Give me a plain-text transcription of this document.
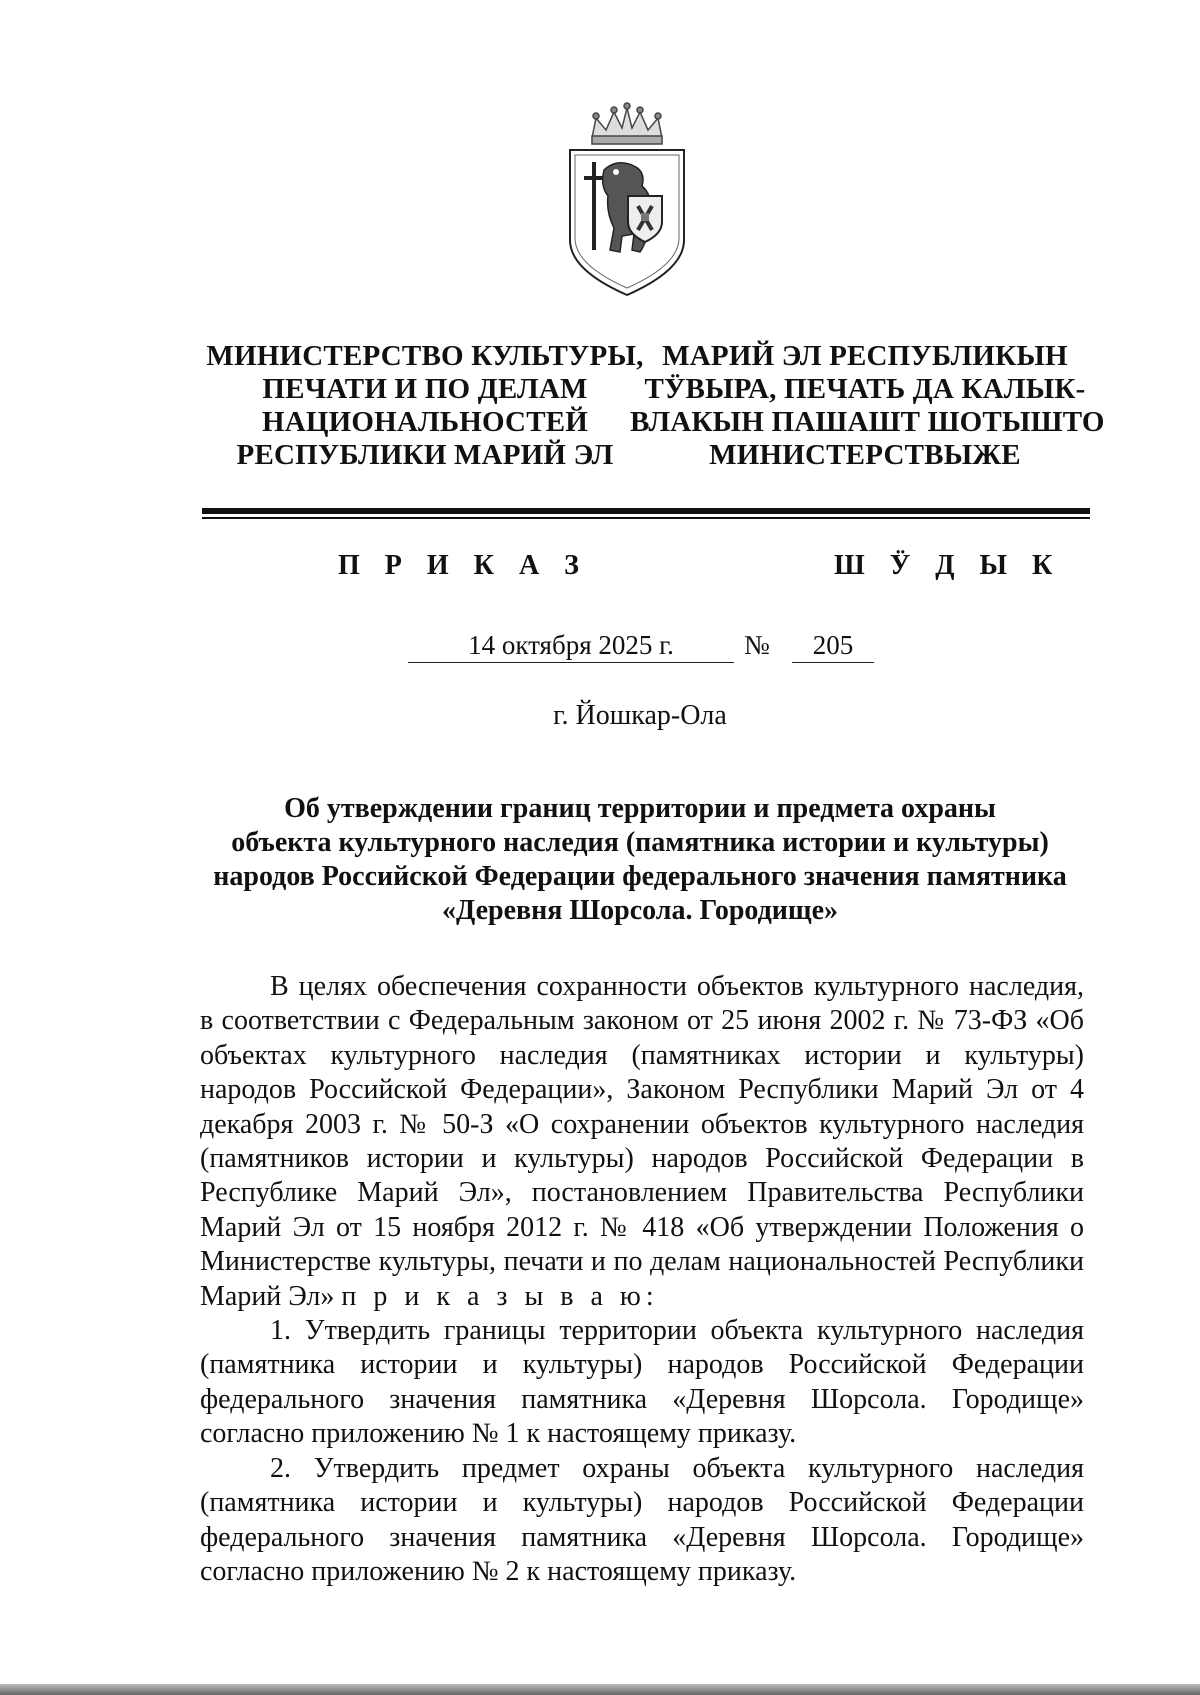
МИНИСТЕРСТВО КУЛЬТУРЫ,
ПЕЧАТИ И ПО ДЕЛАМ
НАЦИОНАЛЬНОСТЕЙ
РЕСПУБЛИКИ МАРИЙ ЭЛ
МАРИЙ ЭЛ РЕСПУБЛИКЫН
ТӰВЫРА, ПЕЧАТЬ ДА КАЛЫК-
ВЛАКЫН ПАШАШТ ШОТЫШТО
МИНИСТЕРСТВЫЖЕ
П Р И К А З	Ш Ӱ Д Ы К
14 октября 2025 г.	№	205
г. Йошкар-Ола
Об утверждении границ территории и предмета охраны
объекта культурного наследия (памятника истории и культуры)
народов Российской Федерации федерального значения памятника
«Деревня Шорсола. Городище»

В целях обеспечения сохранности объектов культурного наследия, в соответствии с Федеральным законом от 25 июня 2002 г. № 73-ФЗ «Об объектах культурного наследия (памятниках истории и культуры) народов Российской Федерации», Законом Республики Марий Эл от 4 декабря 2003 г. № 50-З «О сохранении объектов культурного наследия (памятников истории и культуры) народов Российской Федерации в Республике Марий Эл», постановлением Правительства Республики Марий Эл от 15 ноября 2012 г. № 418 «Об утверждении Положения о Министерстве культуры, печати и по делам национальностей Республики Марий Эл» п р и к а з ы в а ю:

1. Утвердить границы территории объекта культурного наследия (памятника истории и культуры) народов Российской Федерации федерального значения памятника «Деревня Шорсола. Городище» согласно приложению № 1 к настоящему приказу.

2. Утвердить предмет охраны объекта культурного наследия (памятника истории и культуры) народов Российской Федерации федерального значения памятника «Деревня Шорсола. Городище» согласно приложению № 2 к настоящему приказу.
